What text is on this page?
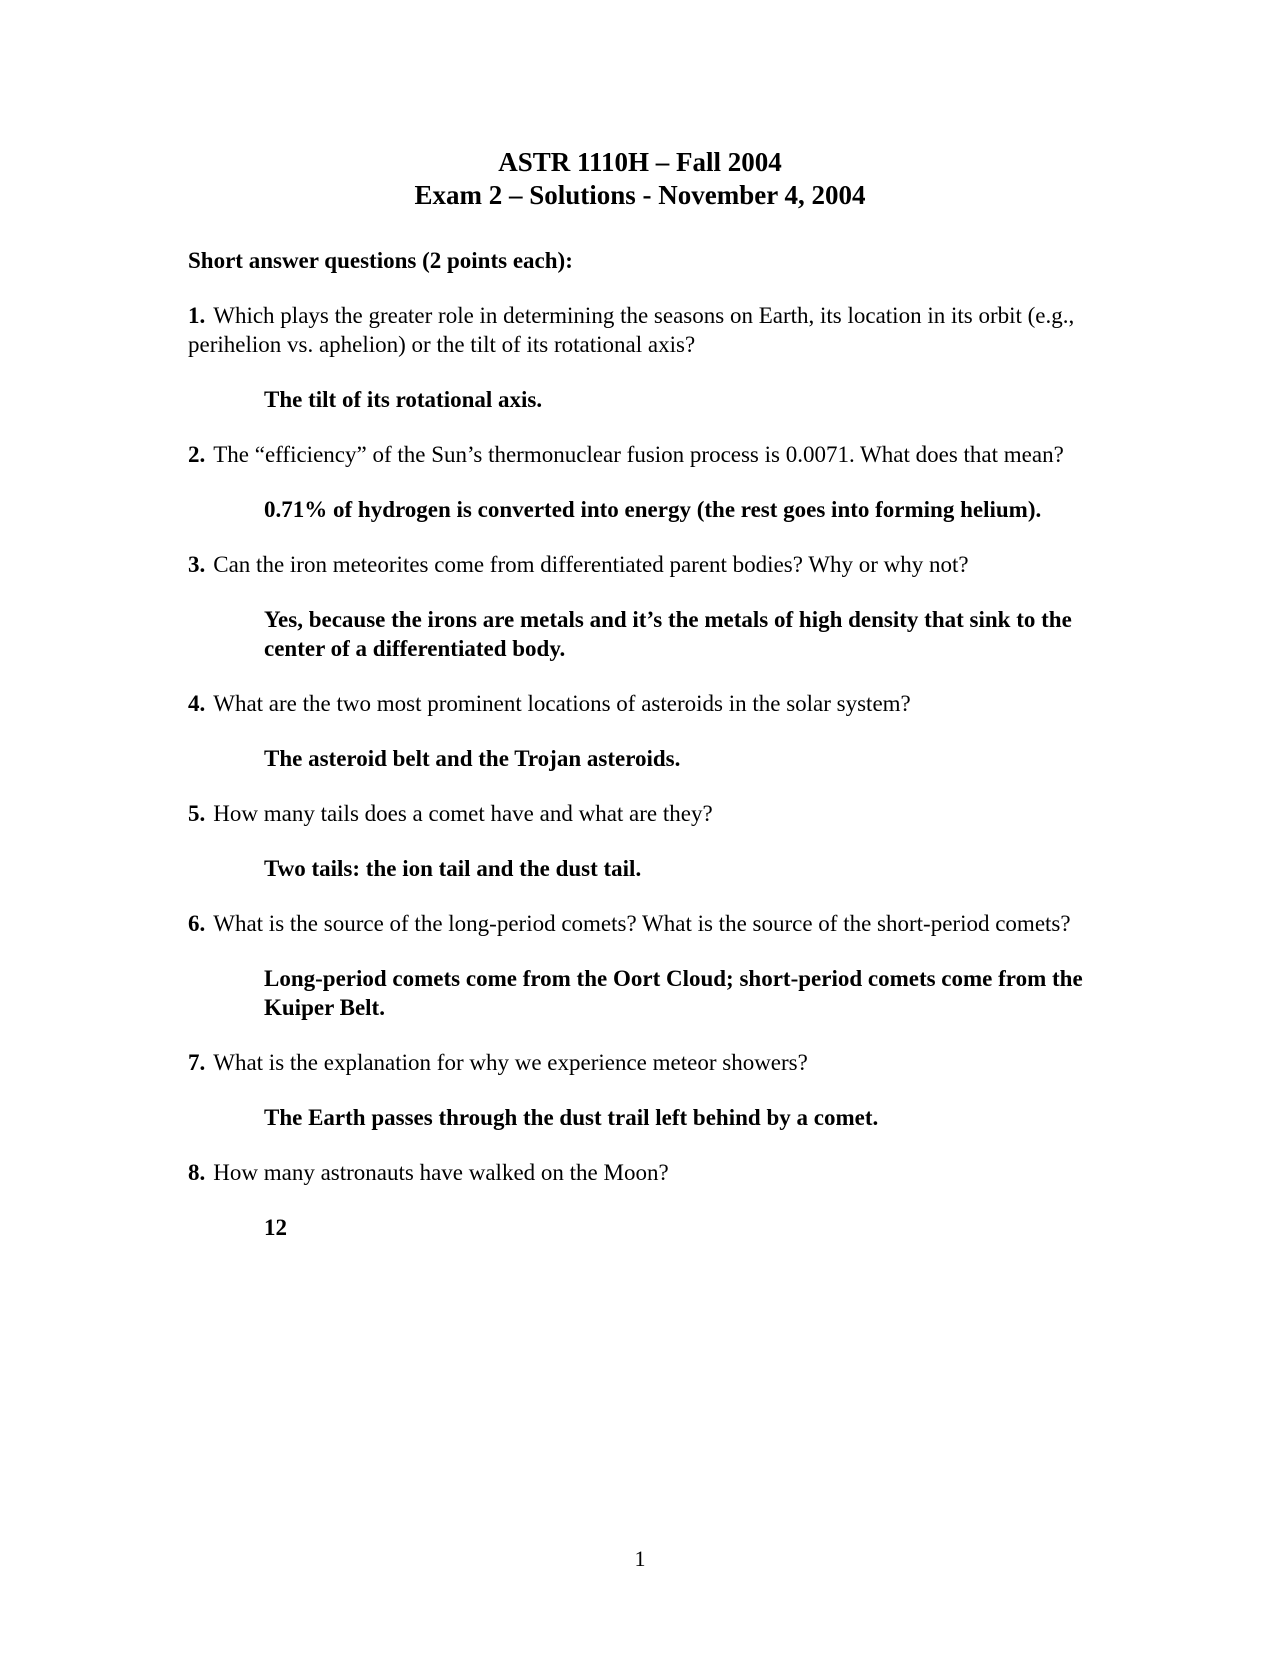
ASTR 1110H – Fall 2004
Exam 2 – Solutions - November 4, 2004
Short answer questions (2 points each):
1. Which plays the greater role in determining the seasons on Earth, its location in its orbit (e.g., perihelion vs. aphelion) or the tilt of its rotational axis?
The tilt of its rotational axis.
2. The “efficiency” of the Sun’s thermonuclear fusion process is 0.0071. What does that mean?
0.71% of hydrogen is converted into energy (the rest goes into forming helium).
3. Can the iron meteorites come from differentiated parent bodies? Why or why not?
Yes, because the irons are metals and it’s the metals of high density that sink to the center of a differentiated body.
4. What are the two most prominent locations of asteroids in the solar system?
The asteroid belt and the Trojan asteroids.
5. How many tails does a comet have and what are they?
Two tails: the ion tail and the dust tail.
6. What is the source of the long-period comets? What is the source of the short-period comets?
Long-period comets come from the Oort Cloud; short-period comets come from the Kuiper Belt.
7. What is the explanation for why we experience meteor showers?
The Earth passes through the dust trail left behind by a comet.
8. How many astronauts have walked on the Moon?
12
1
